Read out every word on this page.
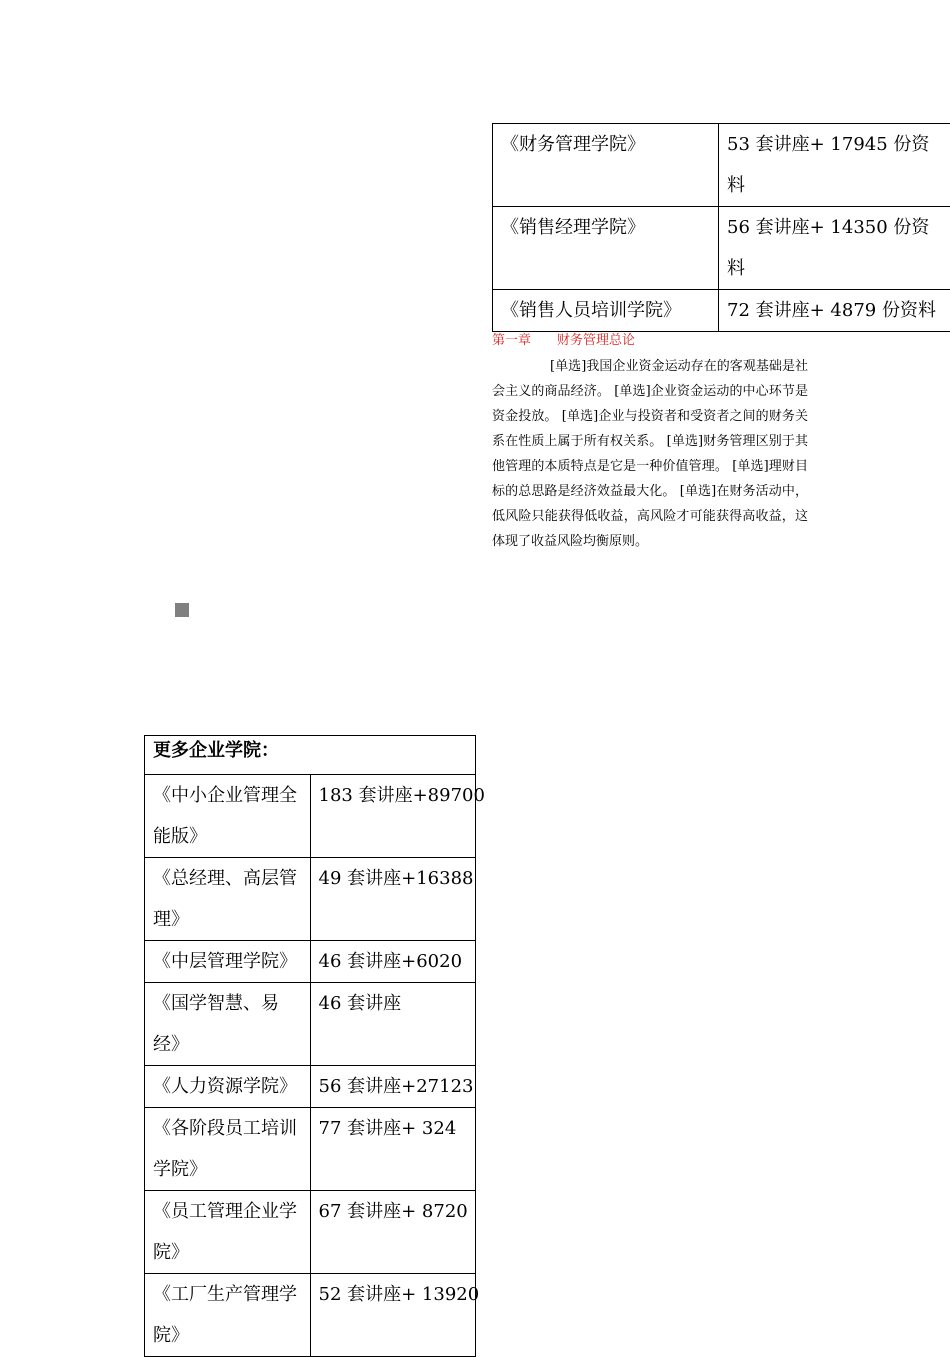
《财务管理学院》	53 套讲座+ 17945 份资料
《销售经理学院》	56 套讲座+ 14350 份资料
《销售人员培训学院》	72 套讲座+ 4879 份资料
第一章 财务管理总论
[单选]我国企业资金运动存在的客观基础是社会主义的商品经济。 [单选]企业资金运动的中心环节是资金投放。 [单选]企业与投资者和受资者之间的财务关系在性质上属于所有权关系。 [单选]财务管理区别于其他管理的本质特点是它是一种价值管理。 [单选]理财目标的总思路是经济效益最大化。 [单选]在财务活动中，低风险只能获得低收益，高风险才可能获得高收益，这体现了收益风险均衡原则。
更多企业学院：	
《中小企业管理全能版》	183 套讲座+89700
《总经理、高层管理》	49 套讲座+16388
《中层管理学院》	46 套讲座+6020
《国学智慧、易经》	46 套讲座
《人力资源学院》	56 套讲座+27123
《各阶段员工培训学院》	77 套讲座+ 324
《员工管理企业学院》	67 套讲座+ 8720
《工厂生产管理学院》	52 套讲座+ 13920
